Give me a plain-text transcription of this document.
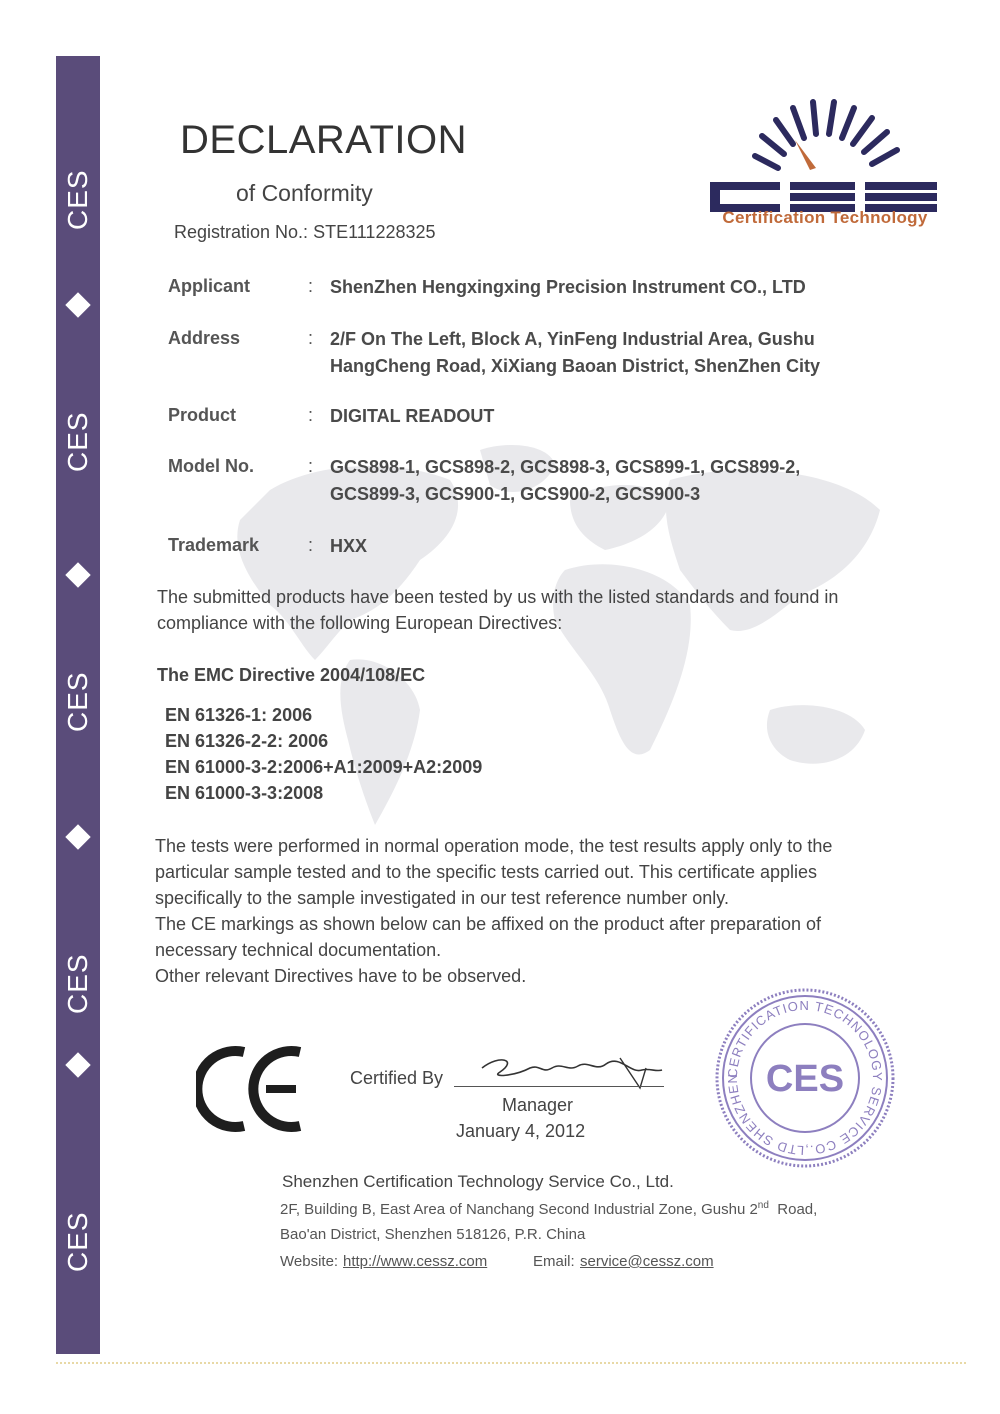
CES
CES
CES
CES
CES
DECLARATION
of Conformity
Registration No.: STE111228325
Certification Technology
Applicant	: ShenZhen Hengxingxing Precision Instrument CO., LTD
Address	: 2/F On The Left, Block A, YinFeng Industrial Area, Gushu
HangCheng Road, XiXiang Baoan District, ShenZhen City
Product	: DIGITAL READOUT
Model No.	: GCS898-1, GCS898-2, GCS898-3, GCS899-1, GCS899-2,
GCS899-3, GCS900-1, GCS900-2, GCS900-3
Trademark	: HXX
The submitted products have been tested by us with the listed standards and found in
compliance with the following European Directives:
The EMC Directive 2004/108/EC
EN 61326-1: 2006
EN 61326-2-2: 2006
EN 61000-3-2:2006+A1:2009+A2:2009
EN 61000-3-3:2008
The tests were performed in normal operation mode, the test results apply only to the
particular sample tested and to the specific tests carried out. This certificate applies
specifically to the sample investigated in our test reference number only.
The CE markings as shown below can be affixed on the product after preparation of
necessary technical documentation.
Other relevant Directives have to be observed.
Certified By
Manager
January 4, 2012
CERTIFICATION TECHNOLOGY SERVICE CO.,LTD SHENZHEN CES
Shenzhen Certification Technology Service Co., Ltd.
2F, Building B, East Area of Nanchang Second Industrial Zone, Gushu 2nd Road,
Bao'an District, Shenzhen 518126, P.R. China
Website: http://www.cessz.com	Email: service@cessz.com
